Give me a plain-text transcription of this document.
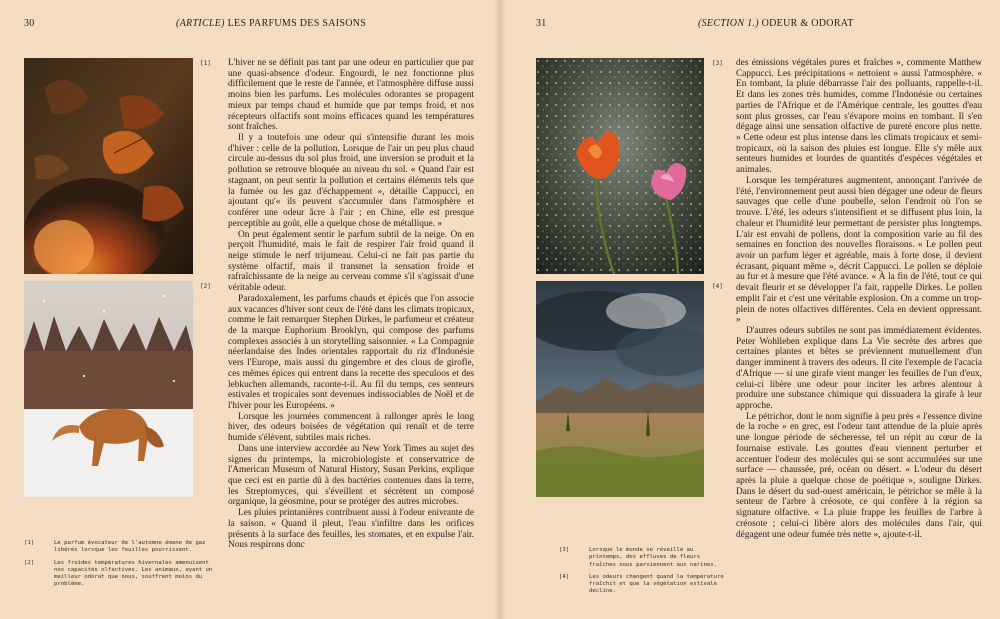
30	(ARTICLE) LES PARFUMS DES SAISONS
[1]
[2]
[1]	Le parfum évocateur de l'automne émane de gaz libérés lorsque les feuilles pourrissent.
[2]	Les froides températures hivernales amenuisent nos capacités olfactives. Les animaux, ayant un meilleur odorat que nous, souffrent moins du problème.

L'hiver ne se définit pas tant par une odeur en particulier que par une quasi-absence d'odeur. Engourdi, le nez fonctionne plus difficilement que le reste de l'année, et l'atmosphère diffuse aussi moins bien les parfums. Les molécules odorantes se propagent mieux par temps chaud et humide que par temps froid, et nos récepteurs olfactifs sont moins efficaces quand les températures sont fraîches.

Il y a toutefois une odeur qui s'intensifie durant les mois d'hiver : celle de la pollution. Lorsque de l'air un peu plus chaud circule au-dessus du sol plus froid, une inversion se produit et la pollution se retrouve bloquée au niveau du sol. « Quand l'air est stagnant, on peut sentir la pollution et certains éléments tels que la fumée ou les gaz d'échappement », détaille Cappucci, en ajoutant qu'« ils peuvent s'accumuler dans l'atmosphère et conférer une odeur âcre à l'air ; en Chine, elle est presque perceptible au goût, elle a quelque chose de métallique. »

On peut également sentir le parfum subtil de la neige. On en perçoit l'humidité, mais le fait de respirer l'air froid quand il neige stimule le nerf trijumeau. Celui-ci ne fait pas partie du système olfactif, mais il transmet la sensation froide et rafraîchissante de la neige au cerveau comme s'il s'agissait d'une véritable odeur.

Paradoxalement, les parfums chauds et épicés que l'on associe aux vacances d'hiver sont ceux de l'été dans les climats tropicaux, comme le fait remarquer Stephen Dirkes, le parfumeur et créateur de la marque Euphorium Brooklyn, qui compose des parfums complexes associés à un storytelling saisonnier. « La Compagnie néerlandaise des Indes orientales rapportait du riz d'Indonésie vers l'Europe, mais aussi du gingembre et des clous de girofle, ces mêmes épices qui entrent dans la recette des speculoos et des lebkuchen allemands, raconte-t-il. Au fil du temps, ces senteurs estivales et tropicales sont devenues indissociables de Noël et de l'hiver pour les Européens. »

Lorsque les journées commencent à rallonger après le long hiver, des odeurs boisées de végétation qui renaît et de terre humide s'élèvent, subtiles mais riches.

Dans une interview accordée au New York Times au sujet des signes du printemps, la microbiologiste et conservatrice de l'American Museum of Natural History, Susan Perkins, explique que ceci est en partie dû à des bactéries contenues dans la terre, les Streptomyces, qui s'éveillent et sécrètent un composé organique, la géosmine, pour se protéger des autres microbes.

Les pluies printanières contribuent aussi à l'odeur enivrante de la saison. « Quand il pleut, l'eau s'infiltre dans les orifices présents à la surface des feuilles, les stomates, et en expulse l'air. Nous respirons donc

31	(SECTION 1.) ODEUR & ODORAT
[3]
[4]
[3]	Lorsque le monde se réveille au printemps, des effluves de fleurs fraîches nous parviennent aux narines.
[4]	Les odeurs changent quand la température fraîchit et que la végétation estivale décline.

des émissions végétales pures et fraîches », commente Matthew Cappucci. Les précipitations « nettoient » aussi l'atmosphère. « En tombant, la pluie débarrasse l'air des polluants, rappelle-t-il. Et dans les zones très humides, comme l'Indonésie ou certaines parties de l'Afrique et de l'Amérique centrale, les gouttes d'eau sont plus grosses, car l'eau s'évapore moins en tombant. Il s'en dégage ainsi une sensation olfactive de pureté encore plus nette. » Cette odeur est plus intense dans les climats tropicaux et semi-tropicaux, où la saison des pluies est longue. Elle s'y mêle aux senteurs humides et lourdes de quantités d'espèces végétales et animales.

Lorsque les températures augmentent, annonçant l'arrivée de l'été, l'environnement peut aussi bien dégager une odeur de fleurs sauvages que celle d'une poubelle, selon l'endroit où l'on se trouve. L'été, les odeurs s'intensifient et se diffusent plus loin, la chaleur et l'humidité leur permettant de persister plus longtemps. L'air est envahi de pollens, dont la composition varie au fil des semaines en fonction des nouvelles floraisons. « Le pollen peut avoir un parfum léger et agréable, mais à forte dose, il devient écrasant, piquant même », décrit Cappucci. Le pollen se déploie au fur et à mesure que l'été avance. « À la fin de l'été, tout ce qui devait fleurir et se développer l'a fait, rappelle Dirkes. Le pollen emplit l'air et c'est une véritable explosion. On a comme un trop-plein de notes olfactives différentes. Cela en devient oppressant. »

D'autres odeurs subtiles ne sont pas immédiatement évidentes. Peter Wohlleben explique dans La Vie secrète des arbres que certaines plantes et bêtes se préviennent mutuellement d'un danger imminent à travers des odeurs. Il cite l'exemple de l'acacia d'Afrique — si une girafe vient manger les feuilles de l'un d'eux, celui-ci libère une odeur pour inciter les arbres alentour à produire une substance chimique qui dissuadera la girafe à leur approche.

Le pétrichor, dont le nom signifie à peu près « l'essence divine de la roche » en grec, est l'odeur tant attendue de la pluie après une longue période de sécheresse, tel un répit au cœur de la fournaise estivale. Les gouttes d'eau viennent perturber et accentuer l'odeur des molécules qui se sont accumulées sur une surface — chaussée, pré, océan ou désert. « L'odeur du désert après la pluie a quelque chose de poétique », souligne Dirkes. Dans le désert du sud-ouest américain, le pétrichor se mêle à la senteur de l'arbre à créosote, ce qui confère à la région sa signature olfactive. « La pluie frappe les feuilles de l'arbre à créosote ; celui-ci libère alors des molécules dans l'air, qui dégagent une odeur fumée très nette », ajoute-t-il.
